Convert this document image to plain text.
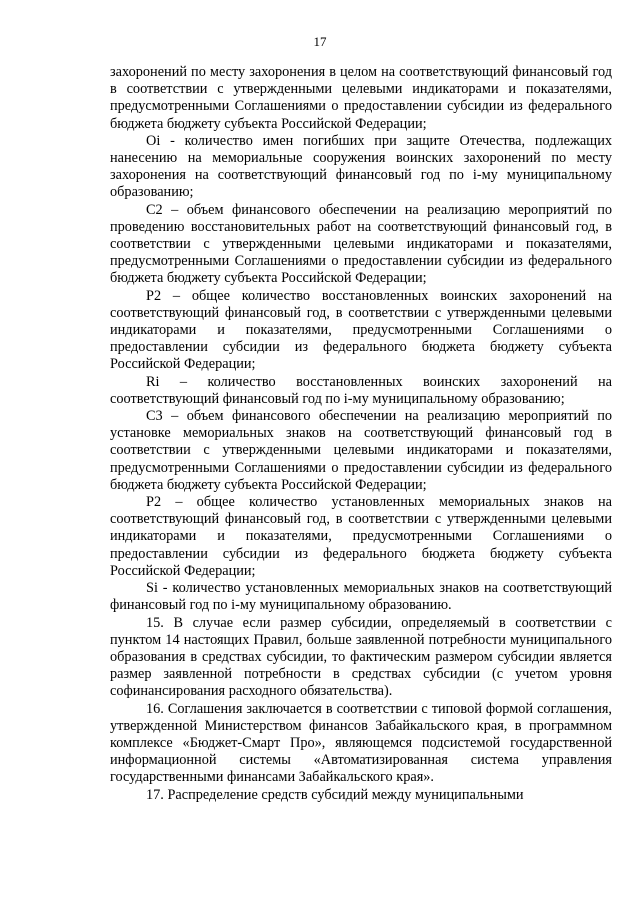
17

захоронений по месту захоронения в целом на соответствующий финансовый год в соответствии с утвержденными целевыми индикаторами и показателями, предусмотренными Соглашениями о предоставлении субсидии из федерального бюджета бюджету субъекта Российской Федерации;

Oi - количество имен погибших при защите Отечества, подлежащих нанесению на мемориальные сооружения воинских захоронений по месту захоронения на соответствующий финансовый год по i-му муниципальному образованию;

C2 – объем финансового обеспечении на реализацию мероприятий по проведению восстановительных работ на соответствующий финансовый год, в соответствии с утвержденными целевыми индикаторами и показателями, предусмотренными Соглашениями о предоставлении субсидии из федерального бюджета бюджету субъекта Российской Федерации;

P2 – общее количество восстановленных воинских захоронений на соответствующий финансовый год, в соответствии с утвержденными целевыми индикаторами и показателями, предусмотренными Соглашениями о предоставлении субсидии из федерального бюджета бюджету субъекта Российской Федерации;

Ri – количество восстановленных воинских захоронений на соответствующий финансовый год по i-му муниципальному образованию;

C3 – объем финансового обеспечении на реализацию мероприятий по установке мемориальных знаков на соответствующий финансовый год в соответствии с утвержденными целевыми индикаторами и показателями, предусмотренными Соглашениями о предоставлении субсидии из федерального бюджета бюджету субъекта Российской Федерации;

P2 – общее количество установленных мемориальных знаков на соответствующий финансовый год, в соответствии с утвержденными целевыми индикаторами и показателями, предусмотренными Соглашениями о предоставлении субсидии из федерального бюджета бюджету субъекта Российской Федерации;

Si - количество установленных мемориальных знаков на соответствующий финансовый год по i-му муниципальному образованию.

15. В случае если размер субсидии, определяемый в соответствии с пунктом 14 настоящих Правил, больше заявленной потребности муниципального образования в средствах субсидии, то фактическим размером субсидии является размер заявленной потребности в средствах субсидии (с учетом уровня софинансирования расходного обязательства).

16. Соглашения заключается в соответствии с типовой формой соглашения, утвержденной Министерством финансов Забайкальского края, в программном комплексе «Бюджет-Смарт Про», являющемся подсистемой государственной информационной системы «Автоматизированная система управления государственными финансами Забайкальского края».

17. Распределение средств субсидий между муниципальными
